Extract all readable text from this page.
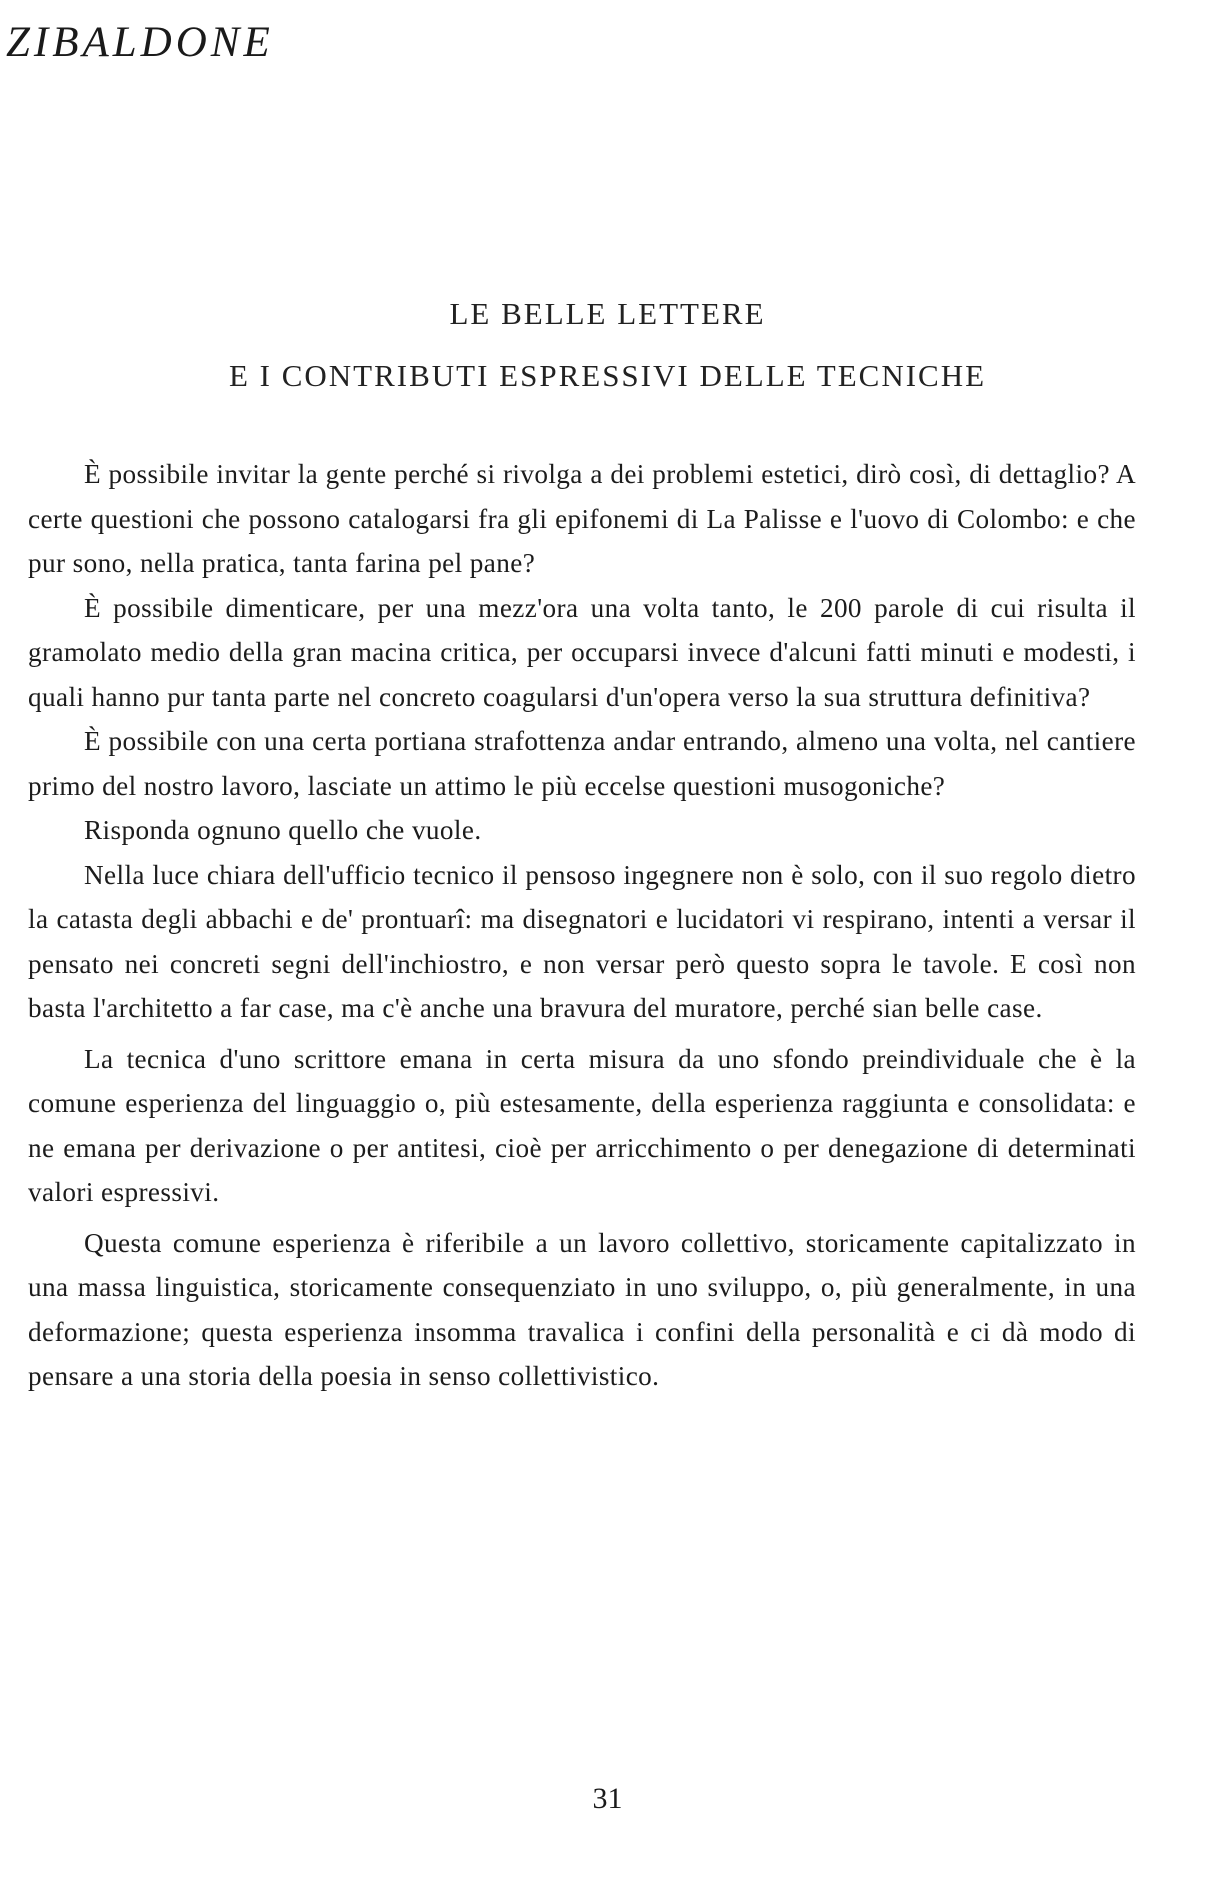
ZIBALDONE
LE BELLE LETTERE
E I CONTRIBUTI ESPRESSIVI DELLE TECNICHE

È possibile invitar la gente perché si rivolga a dei problemi estetici, dirò così, di dettaglio? A certe questioni che possono catalogarsi fra gli epifonemi di La Palisse e l'uovo di Colombo: e che pur sono, nella pratica, tanta farina pel pane?

È possibile dimenticare, per una mezz'ora una volta tanto, le 200 parole di cui risulta il gramolato medio della gran macina critica, per occuparsi invece d'alcuni fatti minuti e modesti, i quali hanno pur tanta parte nel concreto coagularsi d'un'opera verso la sua struttura definitiva?

È possibile con una certa portiana strafottenza andar entrando, almeno una volta, nel cantiere primo del nostro lavoro, lasciate un attimo le più eccelse questioni musogoniche?

Risponda ognuno quello che vuole.

Nella luce chiara dell'ufficio tecnico il pensoso ingegnere non è solo, con il suo regolo dietro la catasta degli abbachi e de' prontuarî: ma disegnatori e lucidatori vi respirano, intenti a versar il pensato nei concreti segni dell'inchiostro, e non versar però questo sopra le tavole. E così non basta l'architetto a far case, ma c'è anche una bravura del muratore, perché sian belle case.

La tecnica d'uno scrittore emana in certa misura da uno sfondo preindividuale che è la comune esperienza del linguaggio o, più estesamente, della esperienza raggiunta e consolidata: e ne emana per derivazione o per antitesi, cioè per arricchimento o per denegazione di determinati valori espressivi.

Questa comune esperienza è riferibile a un lavoro collettivo, storicamente capitalizzato in una massa linguistica, storicamente consequenziato in uno sviluppo, o, più generalmente, in una deformazione; questa esperienza insomma travalica i confini della personalità e ci dà modo di pensare a una storia della poesia in senso collettivistico.

31
